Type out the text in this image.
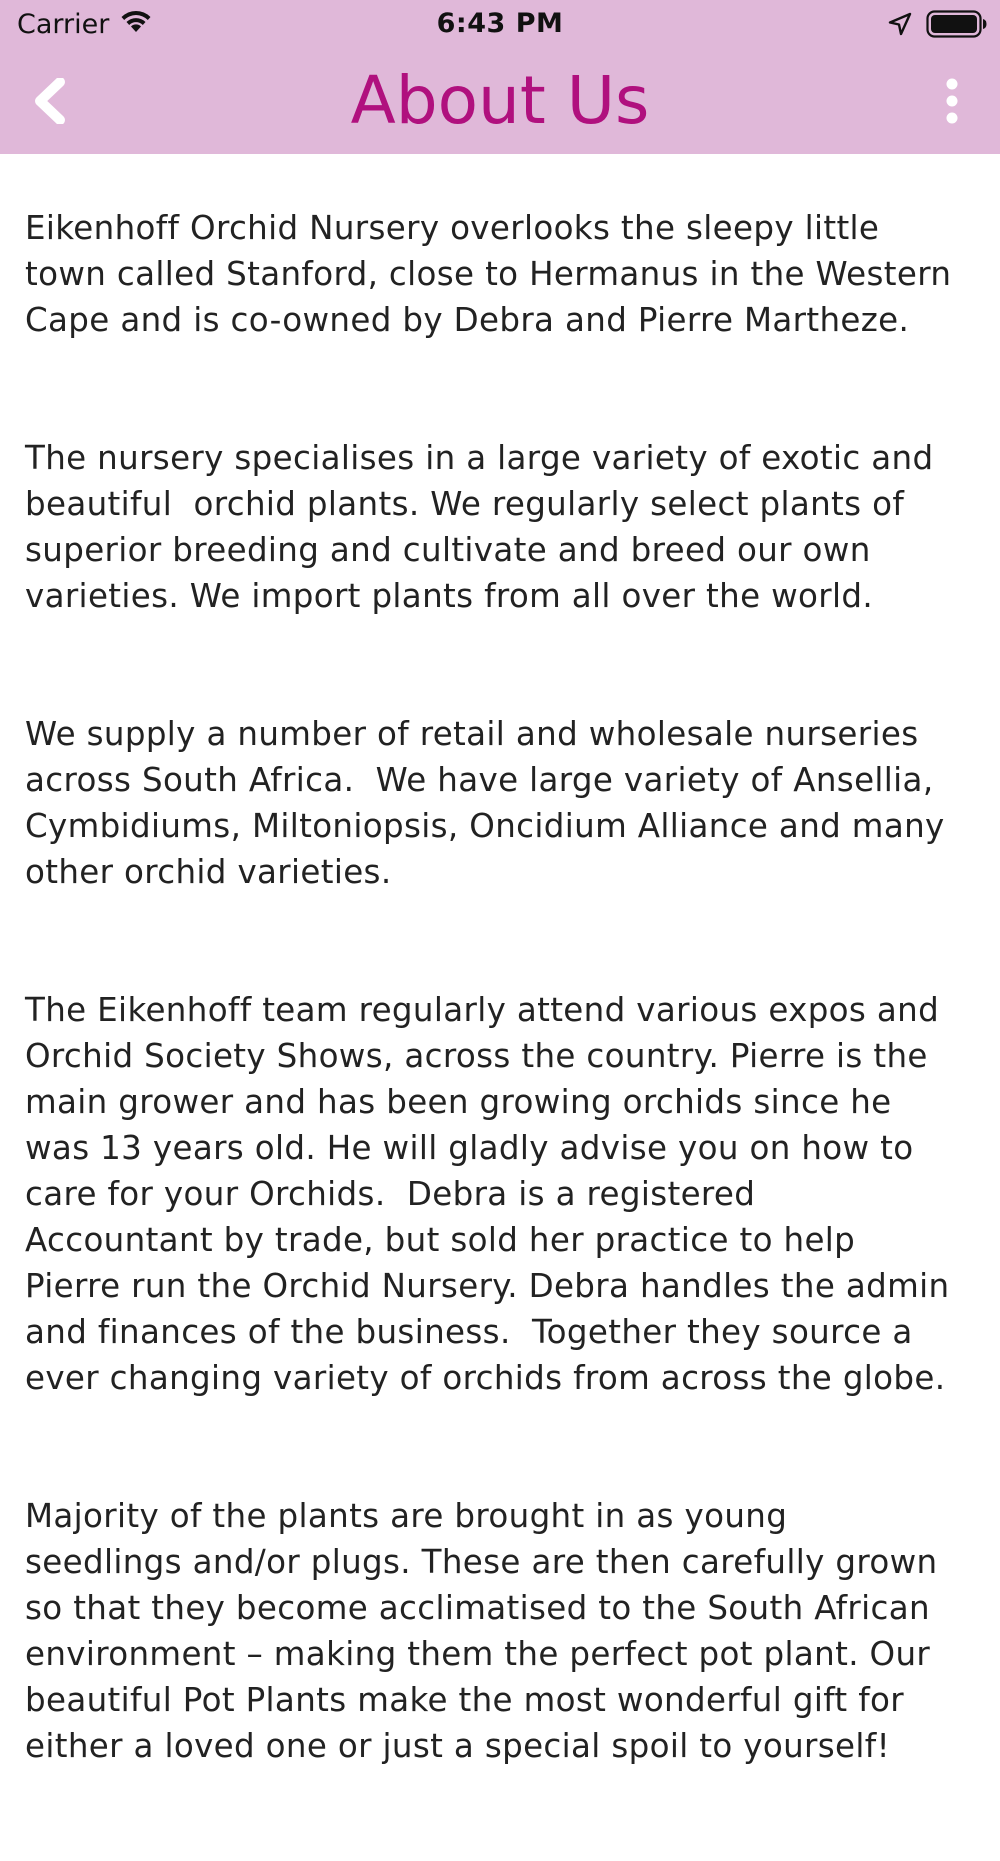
Carrier	6:43 PM
About Us

Eikenhoff Orchid Nursery overlooks the sleepy little
town called Stanford, close to Hermanus in the Western
Cape and is co-owned by Debra and Pierre Martheze.

The nursery specialises in a large variety of exotic and
beautiful  orchid plants. We regularly select plants of
superior breeding and cultivate and breed our own
varieties. We import plants from all over the world.

We supply a number of retail and wholesale nurseries
across South Africa.  We have large variety of Ansellia,
Cymbidiums, Miltoniopsis, Oncidium Alliance and many
other orchid varieties.

The Eikenhoff team regularly attend various expos and
Orchid Society Shows, across the country. Pierre is the
main grower and has been growing orchids since he
was 13 years old. He will gladly advise you on how to
care for your Orchids.  Debra is a registered
Accountant by trade, but sold her practice to help
Pierre run the Orchid Nursery. Debra handles the admin
and finances of the business.  Together they source a
ever changing variety of orchids from across the globe.

Majority of the plants are brought in as young
seedlings and/or plugs. These are then carefully grown
so that they become acclimatised to the South African
environment – making them the perfect pot plant. Our
beautiful Pot Plants make the most wonderful gift for
either a loved one or just a special spoil to yourself!
